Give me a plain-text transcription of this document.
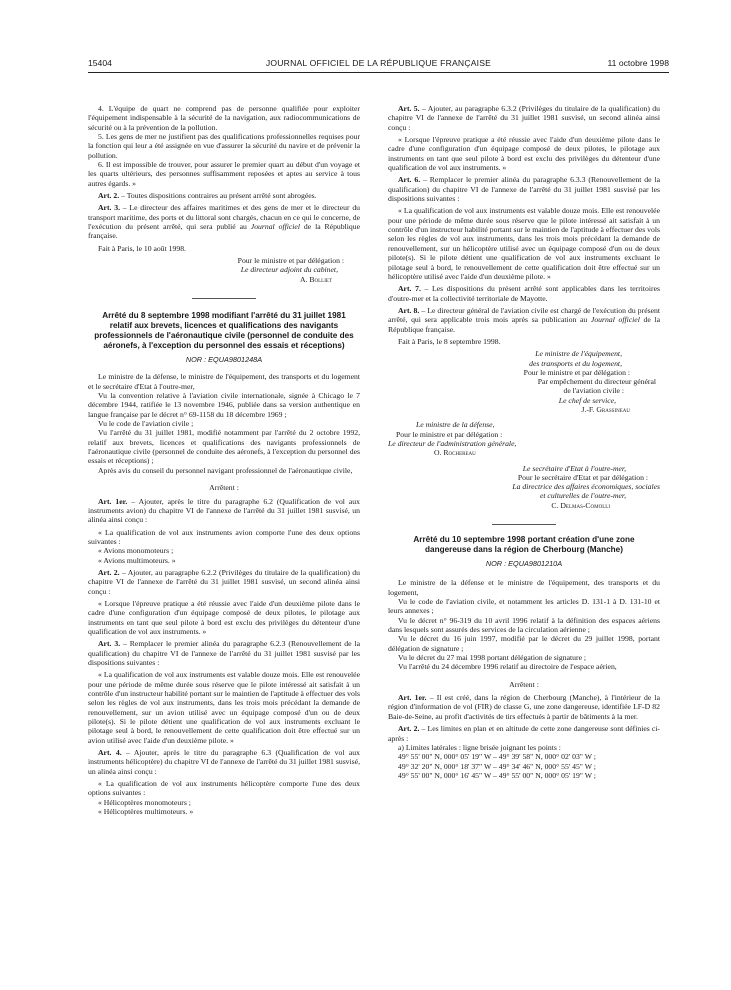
15404	JOURNAL OFFICIEL DE LA RÉPUBLIQUE FRANÇAISE	11 octobre 1998

4. L'équipe de quart ne comprend pas de personne qualifiée pour exploiter l'équipement indispensable à la sécurité de la navigation, aux radiocommunications de sécurité ou à la prévention de la pollution.

5. Les gens de mer ne justifient pas des qualifications professionnelles requises pour la fonction qui leur a été assignée en vue d'assurer la sécurité du navire et de prévenir la pollution.

6. Il est impossible de trouver, pour assurer le premier quart au début d'un voyage et les quarts ultérieurs, des personnes suffisamment reposées et aptes au service à tous autres égards. »

Art. 2. – Toutes dispositions contraires au présent arrêté sont abrogées.

Art. 3. – Le directeur des affaires maritimes et des gens de mer et le directeur du transport maritime, des ports et du littoral sont chargés, chacun en ce qui le concerne, de l'exécution du présent arrêté, qui sera publié au Journal officiel de la République française.

Fait à Paris, le 10 août 1998.

Pour le ministre et par délégation :

Le directeur adjoint du cabinet,

A. Bolliet

Arrêté du 8 septembre 1998 modifiant l'arrêté du 31 juillet 1981 relatif aux brevets, licences et qualifications des navigants professionnels de l'aéronautique civile (personnel de conduite des aéronefs, à l'exception du personnel des essais et réceptions)

NOR : EQUA9801248A

Le ministre de la défense, le ministre de l'équipement, des transports et du logement et le secrétaire d'Etat à l'outre-mer,

Vu la convention relative à l'aviation civile internationale, signée à Chicago le 7 décembre 1944, ratifiée le 13 novembre 1946, publiée dans sa version authentique en langue française par le décret n° 69-1158 du 18 décembre 1969 ;

Vu le code de l'aviation civile ;

Vu l'arrêté du 31 juillet 1981, modifié notamment par l'arrêté du 2 octobre 1992, relatif aux brevets, licences et qualifications des navigants professionnels de l'aéronautique civile (personnel de conduite des aéronefs, à l'exception du personnel des essais et réceptions) ;

Après avis du conseil du personnel navigant professionnel de l'aéronautique civile,

Arrêtent :

Art. 1er. – Ajouter, après le titre du paragraphe 6.2 (Qualification de vol aux instruments avion) du chapitre VI de l'annexe de l'arrêté du 31 juillet 1981 susvisé, un alinéa ainsi conçu :

« La qualification de vol aux instruments avion comporte l'une des deux options suivantes :

« Avions monomoteurs ;

« Avions multimoteurs. »

Art. 2. – Ajouter, au paragraphe 6.2.2 (Privilèges du titulaire de la qualification) du chapitre VI de l'annexe de l'arrêté du 31 juillet 1981 susvisé, un second alinéa ainsi conçu :

« Lorsque l'épreuve pratique a été réussie avec l'aide d'un deuxième pilote dans le cadre d'une configuration d'un équipage composé de deux pilotes, le pilotage aux instruments en tant que seul pilote à bord est exclu des privilèges du détenteur d'une qualification de vol aux instruments. »

Art. 3. – Remplacer le premier alinéa du paragraphe 6.2.3 (Renouvellement de la qualification) du chapitre VI de l'annexe de l'arrêté du 31 juillet 1981 susvisé par les dispositions suivantes :

« La qualification de vol aux instruments est valable douze mois. Elle est renouvelée pour une période de même durée sous réserve que le pilote intéressé ait satisfait à un contrôle d'un instructeur habilité portant sur le maintien de l'aptitude à effectuer des vols selon les règles de vol aux instruments, dans les trois mois précédant la demande de renouvellement, sur un avion utilisé avec un équipage composé d'un ou de deux pilote(s). Si le pilote détient une qualification de vol aux instruments excluant le pilotage seul à bord, le renouvellement de cette qualification doit être effectué sur un avion utilisé avec l'aide d'un deuxième pilote. »

Art. 4. – Ajouter, après le titre du paragraphe 6.3 (Qualification de vol aux instruments hélicoptère) du chapitre VI de l'annexe de l'arrêté du 31 juillet 1981 susvisé, un alinéa ainsi conçu :

« La qualification de vol aux instruments hélicoptère comporte l'une des deux options suivantes :

« Hélicoptères monomoteurs ;

« Hélicoptères multimoteurs. »

Art. 5. – Ajouter, au paragraphe 6.3.2 (Privilèges du titulaire de la qualification) du chapitre VI de l'annexe de l'arrêté du 31 juillet 1981 susvisé, un second alinéa ainsi conçu :

« Lorsque l'épreuve pratique a été réussie avec l'aide d'un deuxième pilote dans le cadre d'une configuration d'un équipage composé de deux pilotes, le pilotage aux instruments en tant que seul pilote à bord est exclu des privilèges du détenteur d'une qualification de vol aux instruments. »

Art. 6. – Remplacer le premier alinéa du paragraphe 6.3.3 (Renouvellement de la qualification) du chapitre VI de l'annexe de l'arrêté du 31 juillet 1981 susvisé par les dispositions suivantes :

« La qualification de vol aux instruments est valable douze mois. Elle est renouvelée pour une période de même durée sous réserve que le pilote intéressé ait satisfait à un contrôle d'un instructeur habilité portant sur le maintien de l'aptitude à effectuer des vols selon les règles de vol aux instruments, dans les trois mois précédant la demande de renouvellement, sur un hélicoptère utilisé avec un équipage composé d'un ou de deux pilote(s). Si le pilote détient une qualification de vol aux instruments excluant le pilotage seul à bord, le renouvellement de cette qualification doit être effectué sur un hélicoptère utilisé avec l'aide d'un deuxième pilote. »

Art. 7. – Les dispositions du présent arrêté sont applicables dans les territoires d'outre-mer et la collectivité territoriale de Mayotte.

Art. 8. – Le directeur général de l'aviation civile est chargé de l'exécution du présent arrêté, qui sera applicable trois mois après sa publication au Journal officiel de la République française.

Fait à Paris, le 8 septembre 1998.

Le ministre de l'équipement,

des transports et du logement,

Pour le ministre et par délégation :

Par empêchement du directeur général

de l'aviation civile :

Le chef de service,

J.-F. Grassineau

Le ministre de la défense,

Pour le ministre et par délégation :

Le directeur de l'administration générale,

O. Rochereau

Le secrétaire d'Etat à l'outre-mer,

Pour le secrétaire d'Etat et par délégation :

La directrice des affaires économiques, sociales

et culturelles de l'outre-mer,

C. Delmas-Comolli

Arrêté du 10 septembre 1998 portant création d'une zone dangereuse dans la région de Cherbourg (Manche)

NOR : EQUA9801210A

Le ministre de la défense et le ministre de l'équipement, des transports et du logement,

Vu le code de l'aviation civile, et notamment les articles D. 131-1 à D. 131-10 et leurs annexes ;

Vu le décret n° 96-319 du 10 avril 1996 relatif à la définition des espaces aériens dans lesquels sont assurés des services de la circulation aérienne ;

Vu le décret du 16 juin 1997, modifié par le décret du 29 juillet 1998, portant délégation de signature ;

Vu le décret du 27 mai 1998 portant délégation de signature ;

Vu l'arrêté du 24 décembre 1996 relatif au directoire de l'espace aérien,

Arrêtent :

Art. 1er. – Il est créé, dans la région de Cherbourg (Manche), à l'intérieur de la région d'information de vol (FIR) de classe G, une zone dangereuse, identifiée LF-D 82 Baie-de-Seine, au profit d'activités de tirs effectués à partir de bâtiments à la mer.

Art. 2. – Les limites en plan et en altitude de cette zone dangereuse sont définies ci-après :

a) Limites latérales : ligne brisée joignant les points :

49° 55' 00" N, 000° 05' 19" W – 49° 39' 58" N, 000° 02' 03" W ;

49° 32' 20" N, 000° 18' 37" W – 49° 34' 46" N, 000° 55' 45" W ;

49° 55' 00" N, 000° 16' 45" W – 49° 55' 00" N, 000° 05' 19" W ;
